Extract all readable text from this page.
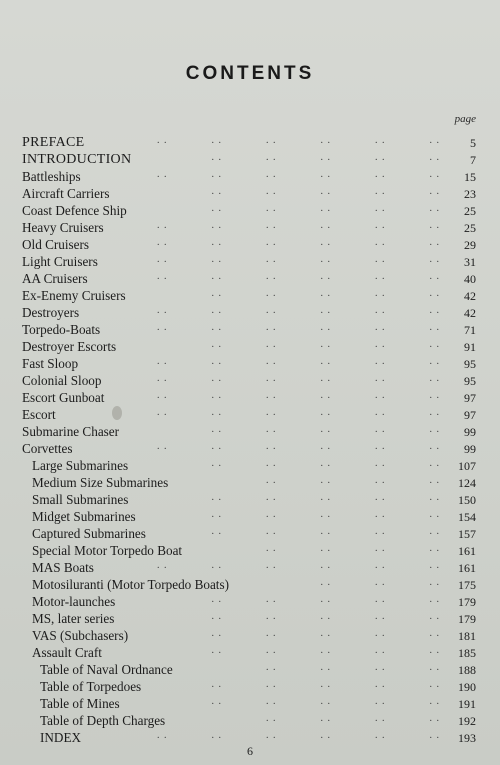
CONTENTS
page
PREFACE	. .    . .    . .    . .    . .    . .	5
INTRODUCTION	. .    . .    . .    . .    . .	7
Battleships	. .    . .    . .    . .    . .    . . 15
Aircraft Carriers	. .    . .    . .    . .    . . 23
Coast Defence Ship	. .    . .    . .    . .    . . 25
Heavy Cruisers	. .    . .    . .    . .    . .    . . 25
Old Cruisers	. .    . .    . .    . .    . .    . . 29
Light Cruisers	. .    . .    . .    . .    . .    . . 31
AA Cruisers	. .    . .    . .    . .    . .    . . 40
Ex-Enemy Cruisers	. .    . .    . .    . .    . . 42
Destroyers	. .    . .    . .    . .    . .    . . 42
Torpedo-Boats	. .    . .    . .    . .    . .    . . 71
Destroyer Escorts	. .    . .    . .    . .    . . 91
Fast Sloop	. .    . .    . .    . .    . .    . . 95
Colonial Sloop	. .    . .    . .    . .    . .    . . 95
Escort Gunboat	. .    . .    . .    . .    . .    . . 97
Escort	. .    . .    . .    . .    . .    . . 97
Submarine Chaser	. .    . .    . .    . .    . . 99
Corvettes	. .    . .    . .    . .    . .    . . 99
Large Submarines	. .    . .    . .    . .    . . 107
Medium Size Submarines	. .    . .    . .    . . 124
Small Submarines	. .    . .    . .    . .    . . 150
Midget Submarines	. .    . .    . .    . .    . . 154
Captured Submarines	. .    . .    . .    . .    . . 157
Special Motor Torpedo Boat	. .    . .    . .    . . 161
MAS Boats	. .    . .    . .    . .    . .    . . 161
Motosiluranti (Motor Torpedo Boats)	. .    . .    . . 175
Motor-launches	. .    . .    . .    . .    . . 179
MS, later series	. .    . .    . .    . .    . . 179
VAS (Subchasers)	. .    . .    . .    . .    . . 181
Assault Craft	. .    . .    . .    . .    . . 185
Table of Naval Ordnance	. .    . .    . .    . . 188
Table of Torpedoes	. .    . .    . .    . .    . . 190
Table of Mines	. .    . .    . .    . .    . . 191
Table of Depth Charges	. .    . .    . .    . . 192
INDEX	. .    . .    . .    . .    . .    . . 193
6
